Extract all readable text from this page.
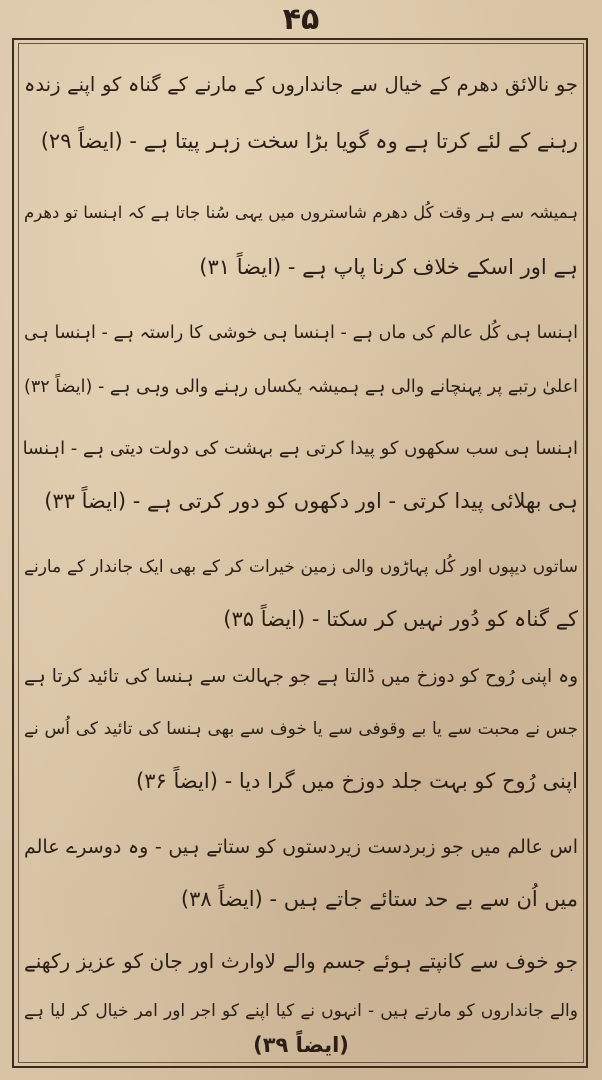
۴۵
جو نالائق دھرم کے خیال سے جانداروں کے مارنے کے گناہ کو اپنے زندہ
رہنے کے لئے کرتا ہے وہ گویا بڑا سخت زہر پیتا ہے - (ایضاً ۲۹)
ہمیشہ سے ہر وقت کُل دھرم شاستروں میں یہی سُنا جاتا ہے کہ اہنسا تو دھرم
ہے اور اسکے خلاف کرنا پاپ ہے - (ایضاً ۳۱)
اہنسا ہی کُل عالم کی ماں ہے - اہنسا ہی خوشی کا راستہ ہے - اہنسا ہی
اعلیٰ رتبے پر پہنچانے والی ہے ہمیشہ یکساں رہنے والی وہی ہے - (ایضاً ۳۲)
اہنسا ہی سب سکھوں کو پیدا کرتی ہے بہشت کی دولت دیتی ہے - اہنسا
ہی بھلائی پیدا کرتی - اور دکھوں کو دور کرتی ہے - (ایضاً ۳۳)
ساتوں دیپوں اور کُل پہاڑوں والی زمین خیرات کر کے بھی ایک جاندار کے مارنے
کے گناہ کو دُور نہیں کر سکتا - (ایضاً ۳۵)
وہ اپنی رُوح کو دوزخ میں ڈالتا ہے جو جہالت سے ہنسا کی تائید کرتا ہے
جس نے محبت سے یا بے وقوفی سے یا خوف سے بھی ہنسا کی تائید کی اُس نے
اپنی رُوح کو بہت جلد دوزخ میں گرا دیا - (ایضاً ۳۶)
اس عالم میں جو زبردست زیردستوں کو ستاتے ہیں - وہ دوسرے عالم
میں اُن سے بے حد ستائے جاتے ہیں - (ایضاً ۳۸)
جو خوف سے کانپتے ہوئے جسم والے لاوارث اور جان کو عزیز رکھنے
والے جانداروں کو مارتے ہیں - انہوں نے کیا اپنے کو اجر اور امر خیال کر لیا ہے
(ایضاً ۳۹)
